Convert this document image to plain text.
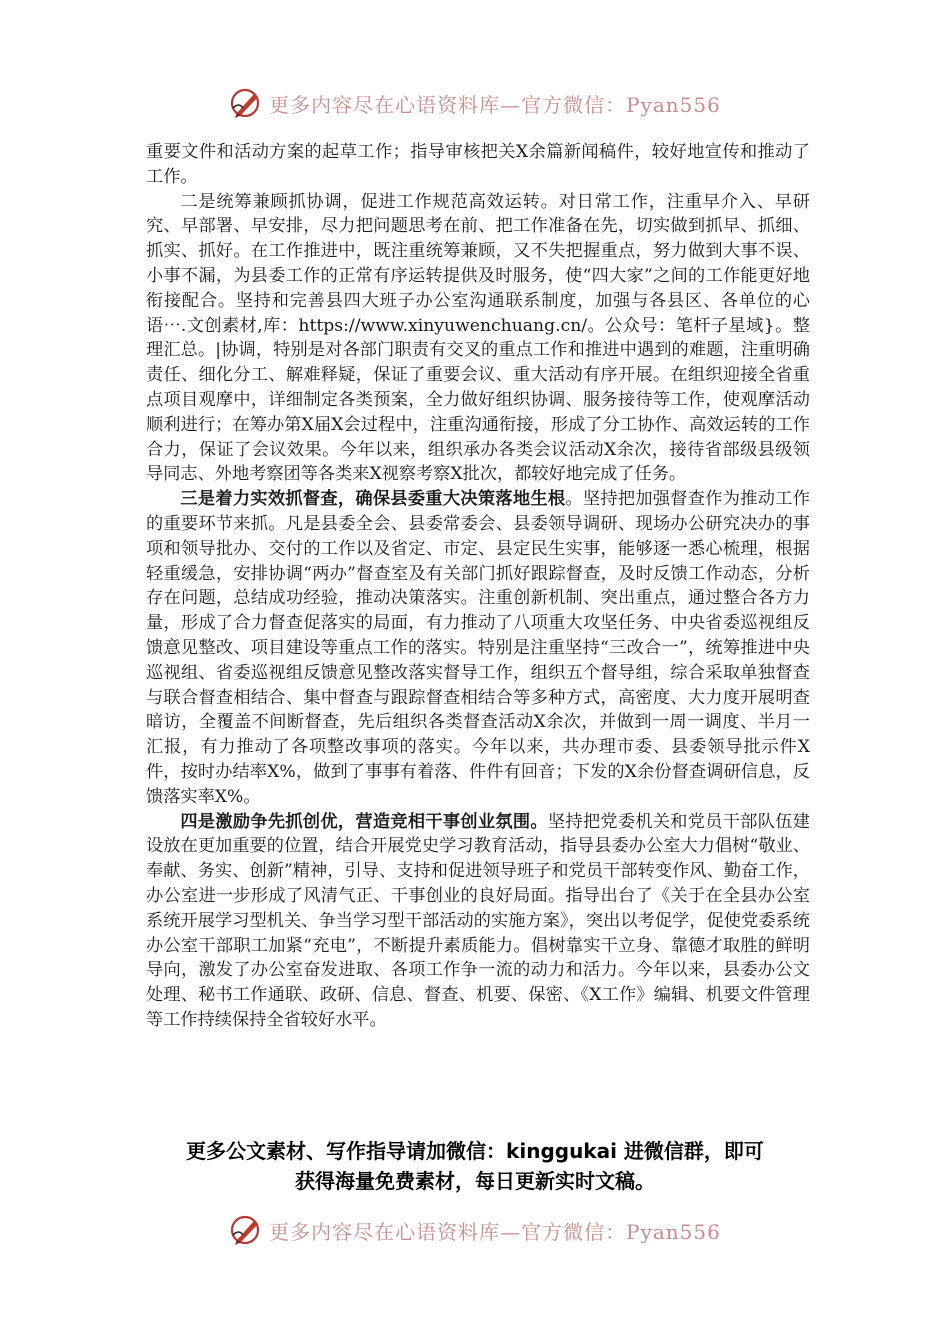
更多内容尽在心语资料库—官方微信：Pyan556

重要文件和活动方案的起草工作；指导审核把关X余篇新闻稿件，较好地宣传和推动了工作。

二是统筹兼顾抓协调，促进工作规范高效运转。对日常工作，注重早介入、早研究、早部署、早安排，尽力把问题思考在前、把工作准备在先，切实做到抓早、抓细、抓实、抓好。在工作推进中，既注重统筹兼顾，又不失把握重点，努力做到大事不误、小事不漏，为县委工作的正常有序运转提供及时服务，使“四大家”之间的工作能更好地衔接配合。坚持和完善县四大班子办公室沟通联系制度，加强与各县区、各单位的心语⋯.文创素材,库：https://www.xinyuwenchuang.cn/。公众号：笔杆子星域}。整理汇总。|协调，特别是对各部门职责有交叉的重点工作和推进中遇到的难题，注重明确责任、细化分工、解难释疑，保证了重要会议、重大活动有序开展。在组织迎接全省重点项目观摩中，详细制定各类预案，全力做好组织协调、服务接待等工作，使观摩活动顺利进行；在筹办第X届X会过程中，注重沟通衔接，形成了分工协作、高效运转的工作合力，保证了会议效果。今年以来，组织承办各类会议活动X余次，接待省部级县级领导同志、外地考察团等各类来X视察考察X批次，都较好地完成了任务。

三是着力实效抓督查，确保县委重大决策落地生根。坚持把加强督查作为推动工作的重要环节来抓。凡是县委全会、县委常委会、县委领导调研、现场办公研究决办的事项和领导批办、交付的工作以及省定、市定、县定民生实事，能够逐一悉心梳理，根据轻重缓急，安排协调“两办”督查室及有关部门抓好跟踪督查，及时反馈工作动态，分析存在问题，总结成功经验，推动决策落实。注重创新机制、突出重点，通过整合各方力量，形成了合力督查促落实的局面，有力推动了八项重大攻坚任务、中央省委巡视组反馈意见整改、项目建设等重点工作的落实。特别是注重坚持“三改合一”，统筹推进中央巡视组、省委巡视组反馈意见整改落实督导工作，组织五个督导组，综合采取单独督查与联合督查相结合、集中督查与跟踪督查相结合等多种方式，高密度、大力度开展明查暗访，全覆盖不间断督查，先后组织各类督查活动X余次，并做到一周一调度、半月一汇报，有力推动了各项整改事项的落实。今年以来，共办理市委、县委领导批示件X件，按时办结率X%，做到了事事有着落、件件有回音；下发的X余份督查调研信息，反馈落实率X%。

四是激励争先抓创优，营造竞相干事创业氛围。坚持把党委机关和党员干部队伍建设放在更加重要的位置，结合开展党史学习教育活动，指导县委办公室大力倡树“敬业、奉献、务实、创新”精神，引导、支持和促进领导班子和党员干部转变作风、勤奋工作，办公室进一步形成了风清气正、干事创业的良好局面。指导出台了《关于在全县办公室系统开展学习型机关、争当学习型干部活动的实施方案》，突出以考促学，促使党委系统办公室干部职工加紧“充电”，不断提升素质能力。倡树靠实干立身、靠德才取胜的鲜明导向，激发了办公室奋发进取、各项工作争一流的动力和活力。今年以来，县委办公文处理、秘书工作通联、政研、信息、督查、机要、保密、《X工作》编辑、机要文件管理等工作持续保持全省较好水平。

更多公文素材、写作指导请加微信：kinggukai 进微信群，即可
获得海量免费素材，每日更新实时文稿。
更多内容尽在心语资料库—官方微信：Pyan556
